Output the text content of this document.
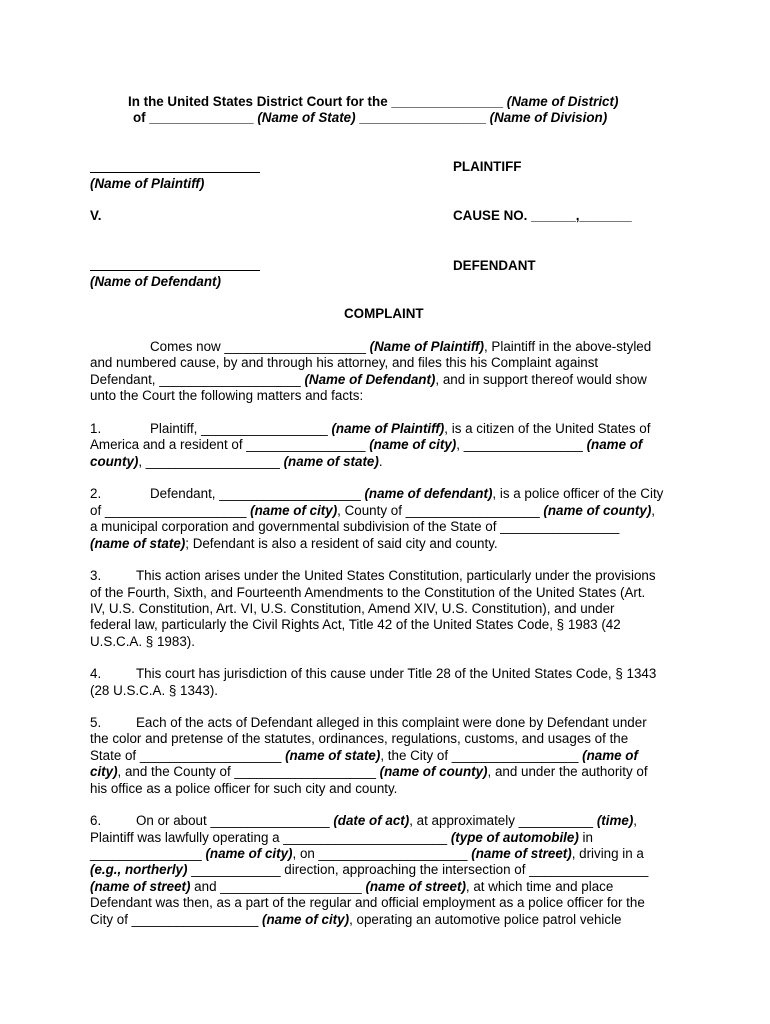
In the United States District Court for the _______________ (Name of District)
of ______________ (Name of State) _________________ (Name of Division)
(Name of Plaintiff)
PLAINTIFF
V.	CAUSE NO. ______,_______
(Name of Defendant)
DEFENDANT
COMPLAINT
Comes now ___________________ (Name of Plaintiff), Plaintiff in the above-styled
and numbered cause, by and through his attorney, and files this his Complaint against
Defendant, ___________________ (Name of Defendant), and in support thereof would show
unto the Court the following matters and facts:
1.	Plaintiff, _________________ (name of Plaintiff), is a citizen of the United States of
America and a resident of ________________ (name of city), ________________ (name of
county), __________________ (name of state).
2.	Defendant, ___________________ (name of defendant), is a police officer of the City
of ___________________ (name of city), County of __________________ (name of county),
a municipal corporation and governmental subdivision of the State of ________________
(name of state); Defendant is also a resident of said city and county.
3.	This action arises under the United States Constitution, particularly under the provisions
of the Fourth, Sixth, and Fourteenth Amendments to the Constitution of the United States (Art.
IV, U.S. Constitution, Art. VI, U.S. Constitution, Amend XIV, U.S. Constitution), and under
federal law, particularly the Civil Rights Act, Title 42 of the United States Code, § 1983 (42
U.S.C.A. § 1983).
4.	This court has jurisdiction of this cause under Title 28 of the United States Code, § 1343
(28 U.S.C.A. § 1343).
5.	Each of the acts of Defendant alleged in this complaint were done by Defendant under
the color and pretense of the statutes, ordinances, regulations, customs, and usages of the
State of ___________________ (name of state), the City of _________________ (name of
city), and the County of ___________________ (name of county), and under the authority of
his office as a police officer for such city and county.
6.	On or about ________________ (date of act), at approximately __________ (time),
Plaintiff was lawfully operating a ______________________ (type of automobile) in
_______________ (name of city), on ____________________ (name of street), driving in a
(e.g., northerly) ____________ direction, approaching the intersection of ________________
(name of street) and ___________________ (name of street), at which time and place
Defendant was then, as a part of the regular and official employment as a police officer for the
City of _________________ (name of city), operating an automotive police patrol vehicle
